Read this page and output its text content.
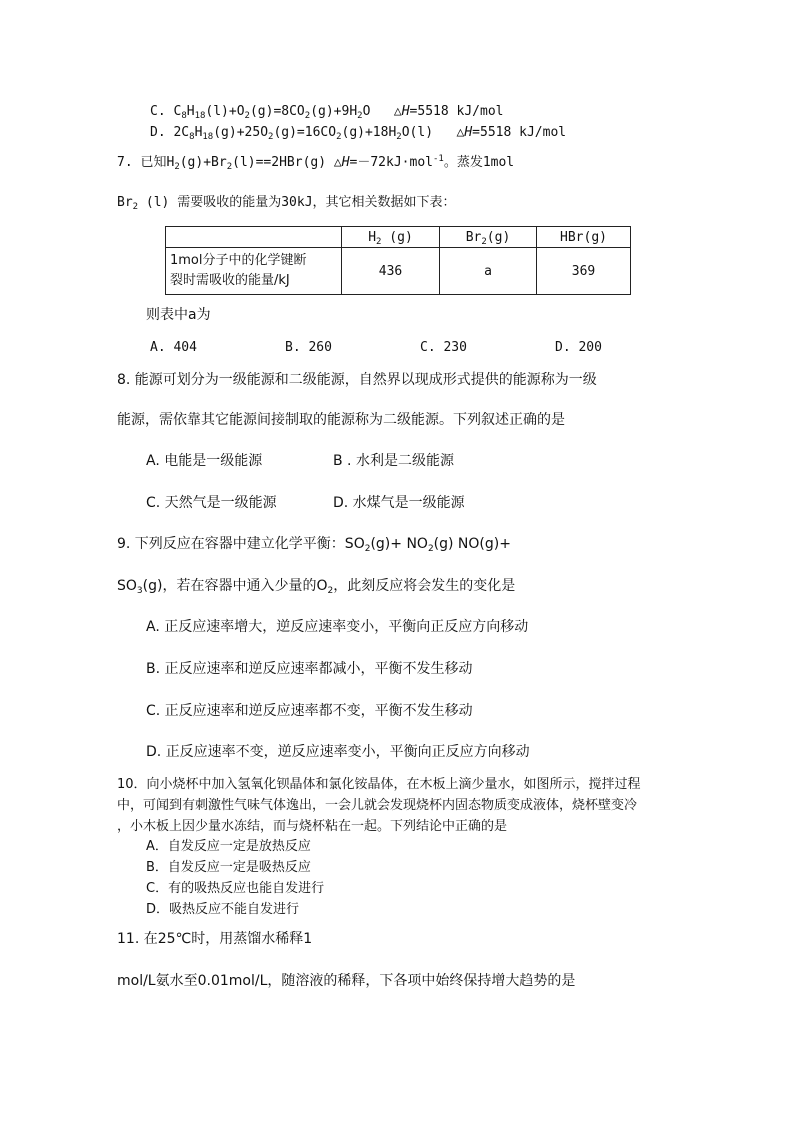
C. $C_8H_{18}(l)+O_2(g)=8CO_2(g)+9H_2O$ △H=5518 kJ/mol
D. $2C_8H_{18}(g)+25O_2(g)=16CO_2(g)+18H_2O(l)$ △H=5518 kJ/mol
7. 已知$H_2(g)+Br_2(l)==2HBr(g)$ △H=－72kJ·mol$^{-1}$。蒸发1mol
$Br_2$ (l) 需要吸收的能量为30kJ，其它相关数据如下表：
	$H_2$ (g)	$Br_2(g)$	HBr(g)

1mol分子中的化学键断
裂时需吸收的能量/kJ	436	a	369
则表中a为
A. 404	B. 260	C. 230	D. 200
8. 能源可划分为一级能源和二级能源，自然界以现成形式提供的能源称为一级
能源，需依靠其它能源间接制取的能源称为二级能源。下列叙述正确的是
A. 电能是一级能源	B . 水利是二级能源
C. 天然气是一级能源	D. 水煤气是一级能源
9. 下列反应在容器中建立化学平衡：$SO_2(g)+ NO_2(g)$ NO(g)+
$SO_3(g)$，若在容器中通入少量的$O_2$，此刻反应将会发生的变化是
A. 正反应速率增大，逆反应速率变小，平衡向正反应方向移动
B. 正反应速率和逆反应速率都减小，平衡不发生移动
C. 正反应速率和逆反应速率都不变，平衡不发生移动
D. 正反应速率不变，逆反应速率变小，平衡向正反应方向移动
10．向小烧杯中加入氢氧化钡晶体和氯化铵晶体，在木板上滴少量水，如图所示，搅拌过程
中，可闻到有刺激性气味气体逸出，一会儿就会发现烧杯内固态物质变成液体，烧杯壁变冷
，小木板上因少量水冻结，而与烧杯粘在一起。下列结论中正确的是
A．自发反应一定是放热反应
B．自发反应一定是吸热反应
C．有的吸热反应也能自发进行
D．吸热反应不能自发进行
11. 在25℃时，用蒸馏水稀释1
mol/L氨水至0.01mol/L，随溶液的稀释，下各项中始终保持增大趋势的是
